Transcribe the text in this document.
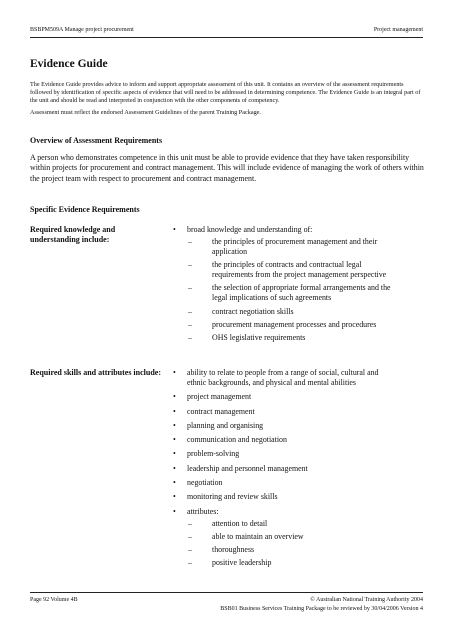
BSBPM509A Manage project procurement	Project management
Evidence Guide

The Evidence Guide provides advice to inform and support appropriate assessment of this unit. It contains an overview of the assessment requirements followed by identification of specific aspects of evidence that will need to be addressed in determining competence. The Evidence Guide is an integral part of the unit and should be read and interpreted in conjunction with the other components of competency.

Assessment must reflect the endorsed Assessment Guidelines of the parent Training Package.

Overview of Assessment Requirements
A person who demonstrates competence in this unit must be able to provide evidence that they have taken responsibility within projects for procurement and contract management. This will include evidence of managing the work of others within the project team with respect to procurement and contract management.
Specific Evidence Requirements
Required knowledge and understanding include:
• broad knowledge and understanding of:
–	the principles of procurement management and their application
–	the principles of contracts and contractual legal requirements from the project management perspective
–	the selection of appropriate formal arrangements and the legal implications of such agreements
–	contract negotiation skills
–	procurement management processes and procedures
–	OHS legislative requirements
Required skills and attributes include:	• ability to relate to people from a range of social, cultural and ethnic backgrounds, and physical and mental abilities
• project management
• contract management
• planning and organising
• communication and negotiation
• problem-solving
• leadership and personnel management
• negotiation
• monitoring and review skills
• attributes:
–	attention to detail
–	able to maintain an overview
–	thoroughness
–	positive leadership
Page 92 Volume 4B	© Australian National Training Authority 2004
BSB01 Business Services Training Package to be reviewed by 30/04/2006 Version 4
